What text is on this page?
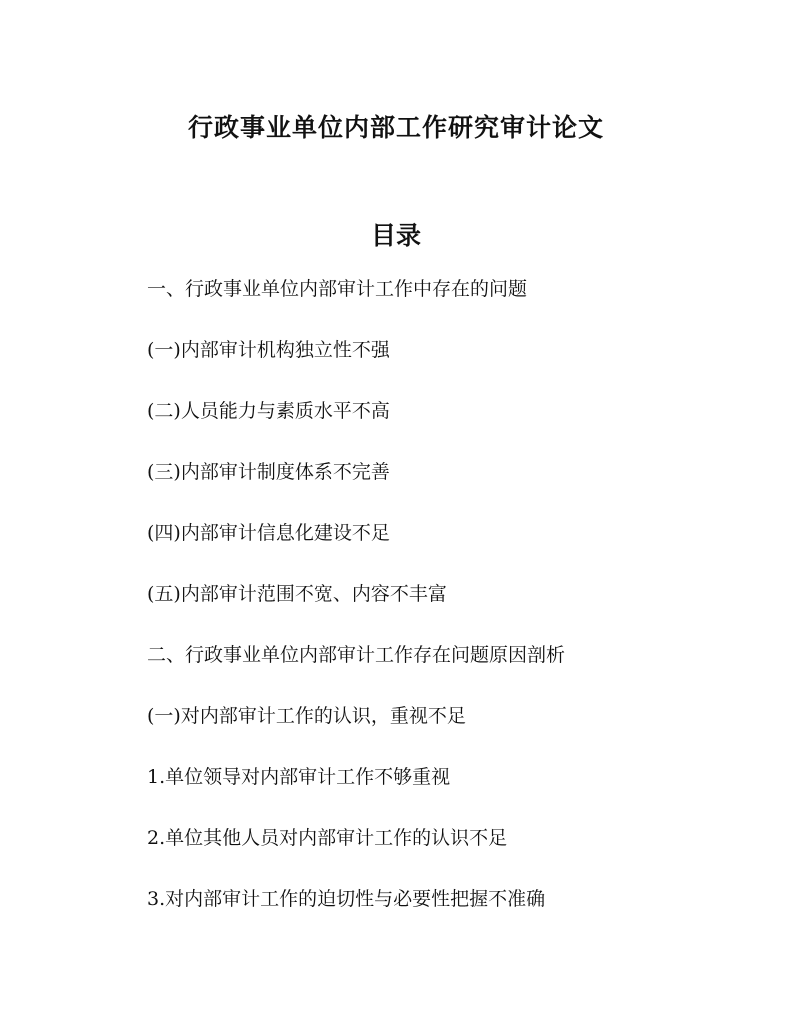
行政事业单位内部工作研究审计论文
目录
一、行政事业单位内部审计工作中存在的问题
(一)内部审计机构独立性不强
(二)人员能力与素质水平不高
(三)内部审计制度体系不完善
(四)内部审计信息化建设不足
(五)内部审计范围不宽、内容不丰富
二、行政事业单位内部审计工作存在问题原因剖析
(一)对内部审计工作的认识，重视不足
1.单位领导对内部审计工作不够重视
2.单位其他人员对内部审计工作的认识不足
3.对内部审计工作的迫切性与必要性把握不准确
